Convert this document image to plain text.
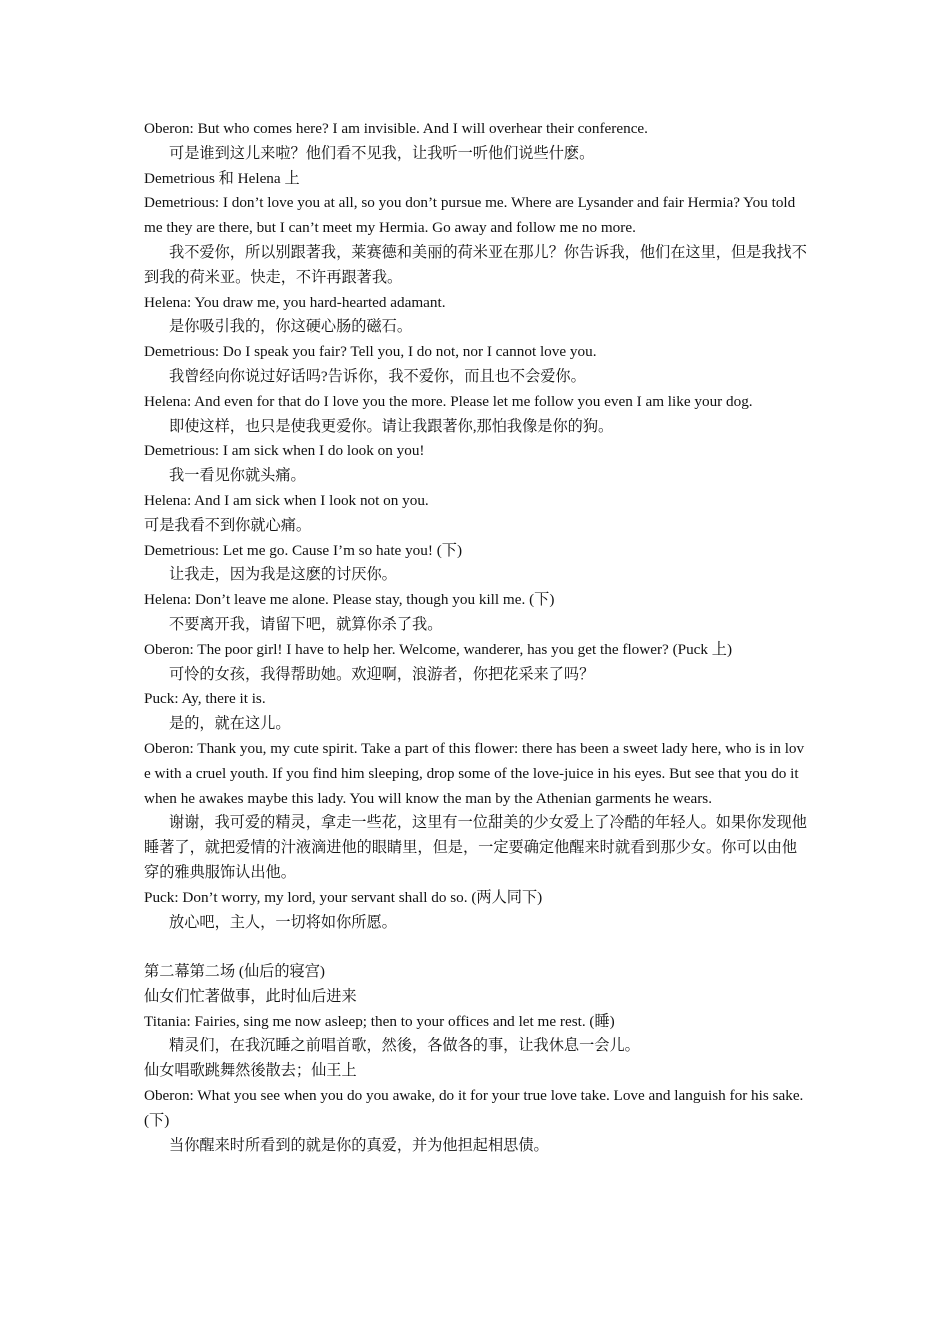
Oberon: But who comes here? I am invisible. And I will overhear their conference.

可是谁到这儿来啦？他们看不见我，让我听一听他们说些什麽。

Demetrious 和 Helena 上

Demetrious: I don’t love you at all, so you don’t pursue me. Where are Lysander and fair Hermia? You told me they are there, but I can’t meet my Hermia. Go away and follow me no more.

我不爱你，所以别跟著我，莱赛德和美丽的荷米亚在那儿？你告诉我，他们在这里，但是我找不到我的荷米亚。快走，不许再跟著我。

Helena: You draw me, you hard-hearted adamant.

是你吸引我的，你这硬心肠的磁石。

Demetrious: Do I speak you fair? Tell you, I do not, nor I cannot love you.

我曾经向你说过好话吗?告诉你，我不爱你，而且也不会爱你。

Helena: And even for that do I love you the more. Please let me follow you even I am like your dog.

即使这样，也只是使我更爱你。请让我跟著你,那怕我像是你的狗。

Demetrious: I am sick when I do look on you!

我一看见你就头痛。

Helena: And I am sick when I look not on you.

可是我看不到你就心痛。

Demetrious: Let me go. Cause I’m so hate you! (下)

让我走，因为我是这麽的讨厌你。

Helena: Don’t leave me alone. Please stay, though you kill me. (下)

不要离开我，请留下吧，就算你杀了我。

Oberon: The poor girl! I have to help her. Welcome, wanderer, has you get the flower? (Puck 上)

可怜的女孩，我得帮助她。欢迎啊，浪游者，你把花采来了吗？

Puck: Ay, there it is.

是的，就在这儿。

Oberon: Thank you, my cute spirit. Take a part of this flower: there has been a sweet lady here, who is in love with a cruel youth. If you find him sleeping, drop some of the love-juice in his eyes. But see that you do it when he awakes maybe this lady. You will know the man by the Athenian garments he wears.

谢谢，我可爱的精灵，拿走一些花，这里有一位甜美的少女爱上了冷酷的年轻人。如果你发现他睡著了，就把爱情的汁液滴进他的眼睛里，但是，一定要确定他醒来时就看到那少女。你可以由他穿的雅典服饰认出他。

Puck: Don’t worry, my lord, your servant shall do so. (两人同下)

放心吧，主人，一切将如你所愿。

第二幕第二场 (仙后的寝宫)

仙女们忙著做事，此时仙后进来

Titania: Fairies, sing me now asleep; then to your offices and let me rest. (睡)

精灵们，在我沉睡之前唱首歌，然後，各做各的事，让我休息一会儿。

仙女唱歌跳舞然後散去；仙王上

Oberon: What you see when you do you awake, do it for your true love take. Love and languish for his sake. (下)

当你醒来时所看到的就是你的真爱，并为他担起相思债。
